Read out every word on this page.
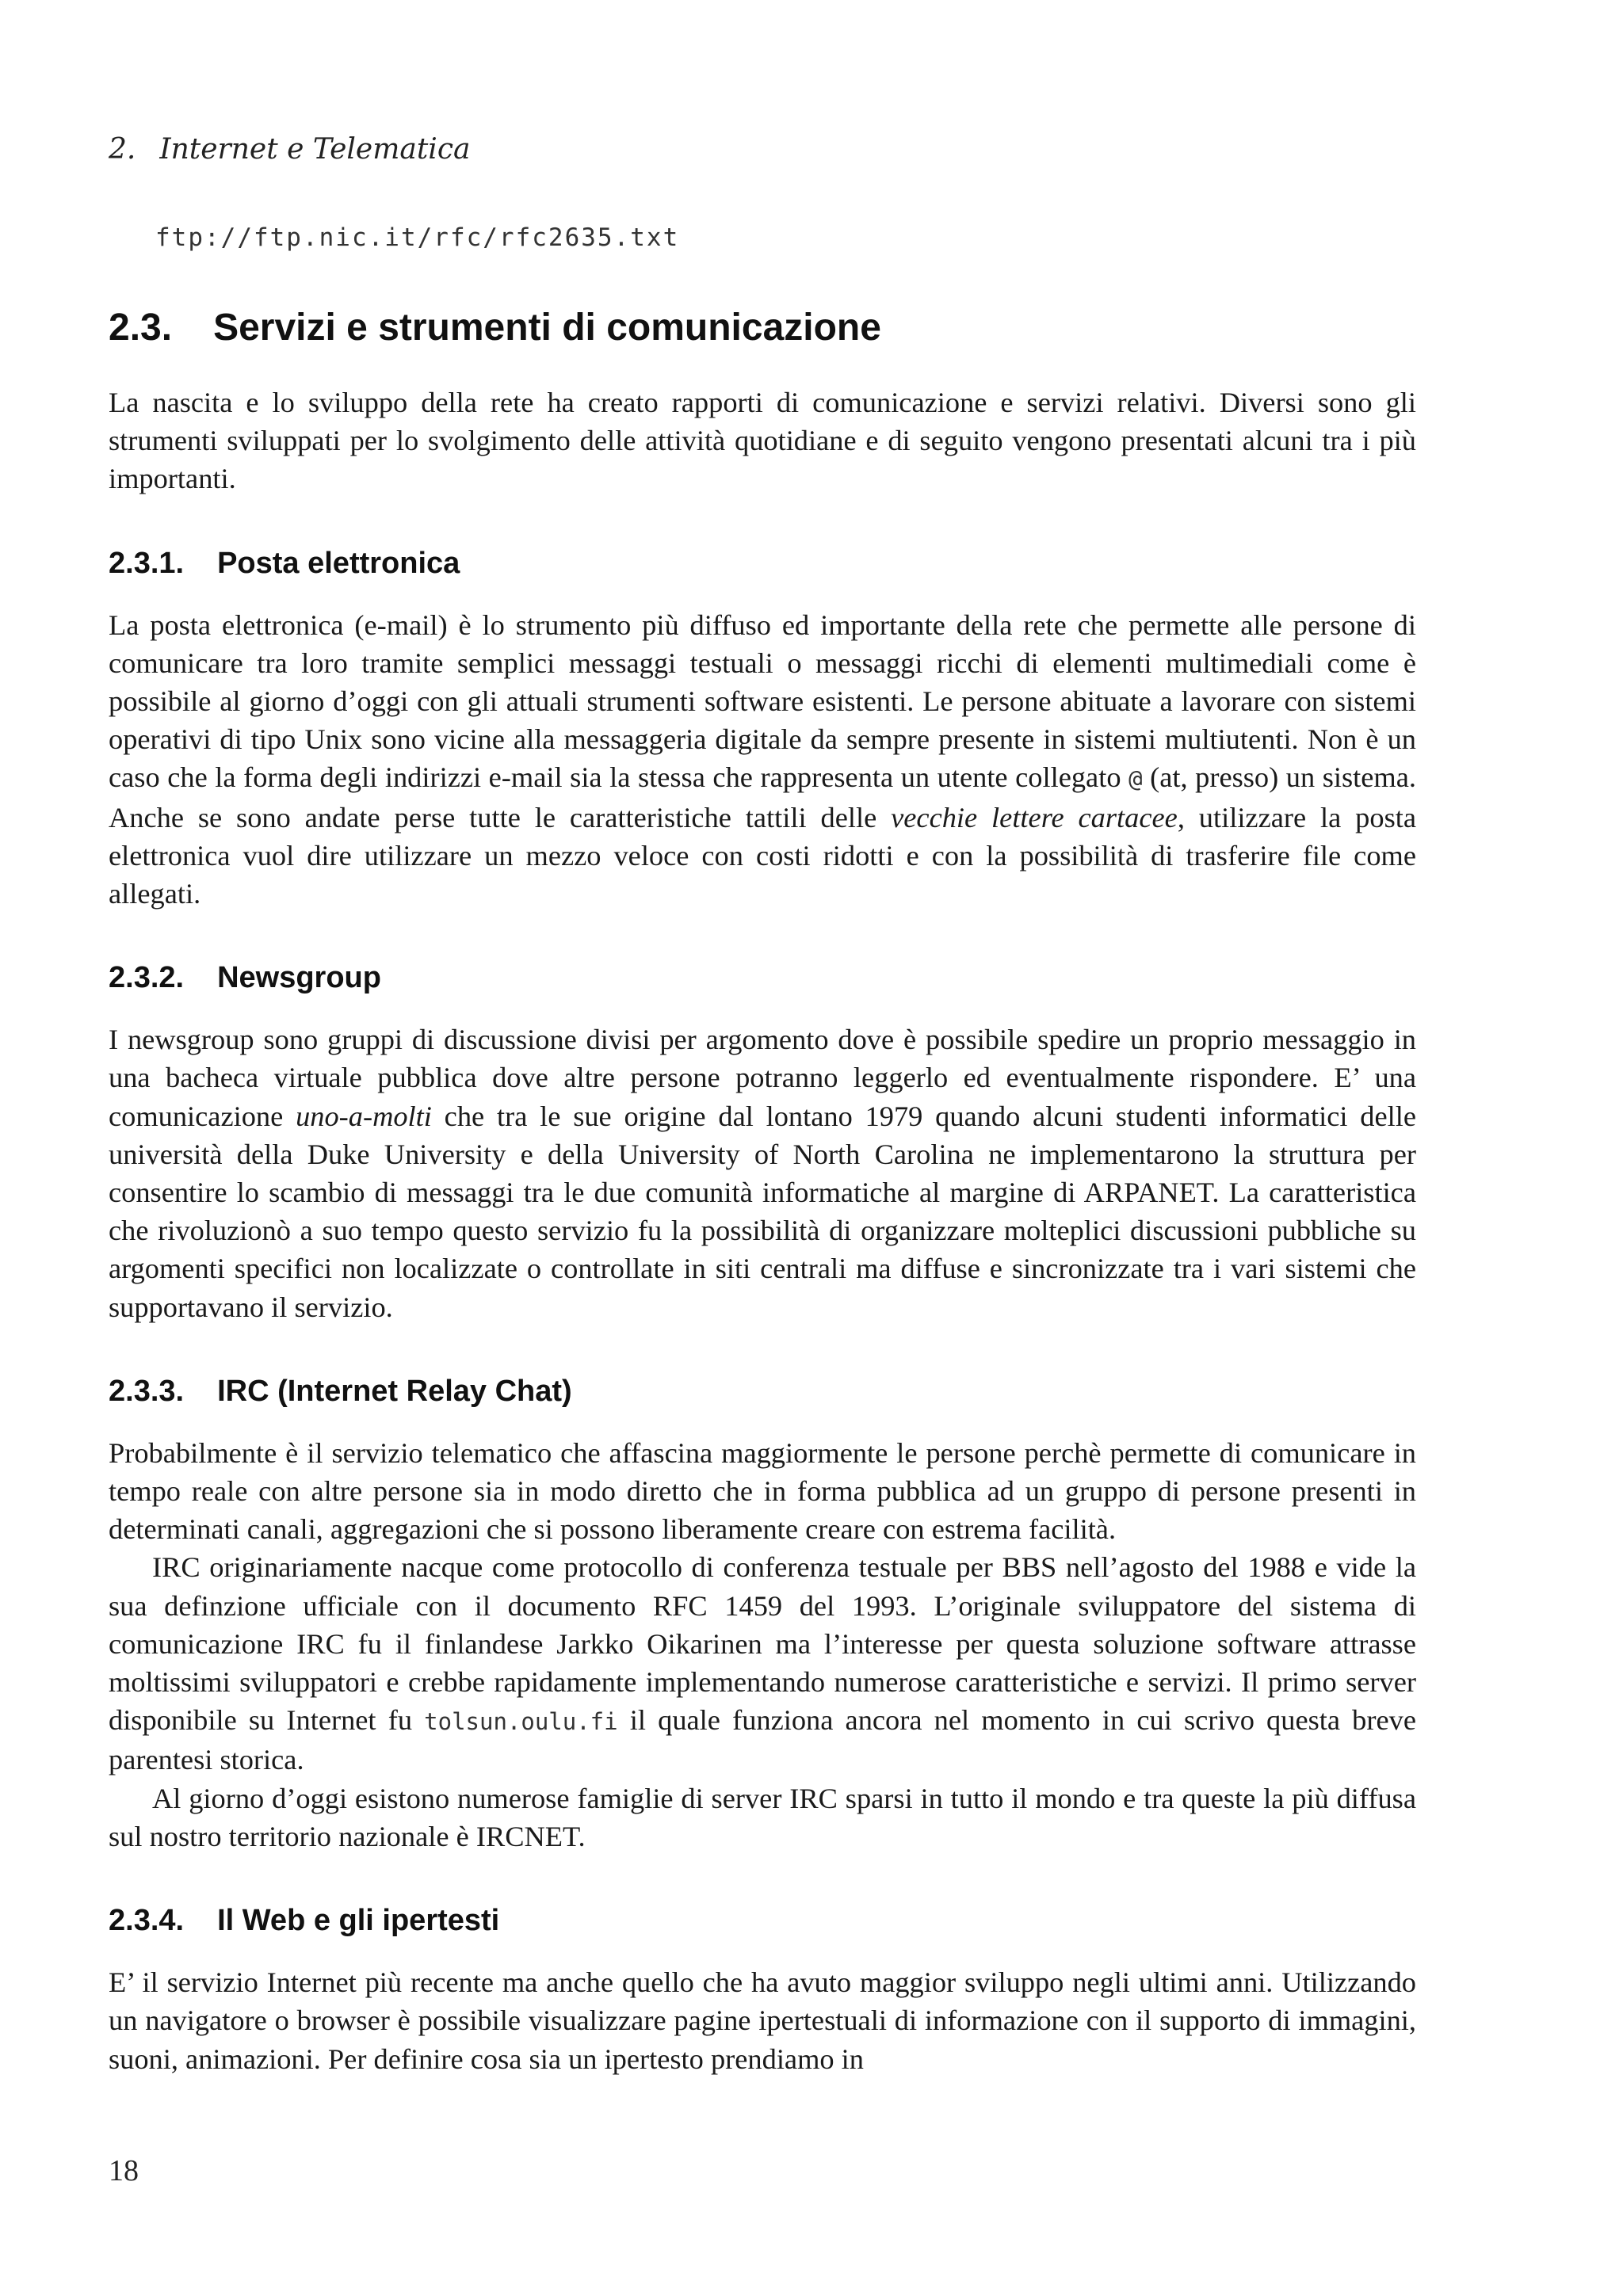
2. Internet e Telematica
ftp://ftp.nic.it/rfc/rfc2635.txt
2.3. Servizi e strumenti di comunicazione

La nascita e lo sviluppo della rete ha creato rapporti di comunicazione e servizi relativi. Diversi sono gli strumenti sviluppati per lo svolgimento delle attività quotidiane e di seguito vengono presentati alcuni tra i più importanti.

2.3.1. Posta elettronica

La posta elettronica (e-mail) è lo strumento più diffuso ed importante della rete che permette alle persone di comunicare tra loro tramite semplici messaggi testuali o messaggi ricchi di elementi multimediali come è possibile al giorno d’oggi con gli attuali strumenti software esistenti. Le persone abituate a lavorare con sistemi operativi di tipo Unix sono vicine alla messaggeria digitale da sempre presente in sistemi multiutenti. Non è un caso che la forma degli indirizzi e-mail sia la stessa che rappresenta un utente collegato @ (at, presso) un sistema. Anche se sono andate perse tutte le caratteristiche tattili delle vecchie lettere cartacee, utilizzare la posta elettronica vuol dire utilizzare un mezzo veloce con costi ridotti e con la possibilità di trasferire file come allegati.

2.3.2. Newsgroup

I newsgroup sono gruppi di discussione divisi per argomento dove è possibile spedire un proprio messaggio in una bacheca virtuale pubblica dove altre persone potranno leggerlo ed eventualmente rispondere. E’ una comunicazione uno-a-molti che tra le sue origine dal lontano 1979 quando alcuni studenti informatici delle università della Duke University e della University of North Carolina ne implementarono la struttura per consentire lo scambio di messaggi tra le due comunità informatiche al margine di ARPANET. La caratteristica che rivoluzionò a suo tempo questo servizio fu la possibilità di organizzare molteplici discussioni pubbliche su argomenti specifici non localizzate o controllate in siti centrali ma diffuse e sincronizzate tra i vari sistemi che supportavano il servizio.

2.3.3. IRC (Internet Relay Chat)

Probabilmente è il servizio telematico che affascina maggiormente le persone perchè permette di comunicare in tempo reale con altre persone sia in modo diretto che in forma pubblica ad un gruppo di persone presenti in determinati canali, aggregazioni che si possono liberamente creare con estrema facilità.

IRC originariamente nacque come protocollo di conferenza testuale per BBS nell’agosto del 1988 e vide la sua definzione ufficiale con il documento RFC 1459 del 1993. L’originale sviluppatore del sistema di comunicazione IRC fu il finlandese Jarkko Oikarinen ma l’interesse per questa soluzione software attrasse moltissimi sviluppatori e crebbe rapidamente implementando numerose caratteristiche e servizi. Il primo server disponibile su Internet fu tolsun.oulu.fi il quale funziona ancora nel momento in cui scrivo questa breve parentesi storica.

Al giorno d’oggi esistono numerose famiglie di server IRC sparsi in tutto il mondo e tra queste la più diffusa sul nostro territorio nazionale è IRCNET.

2.3.4. Il Web e gli ipertesti

E’ il servizio Internet più recente ma anche quello che ha avuto maggior sviluppo negli ultimi anni. Utilizzando un navigatore o browser è possibile visualizzare pagine ipertestuali di informazione con il supporto di immagini, suoni, animazioni. Per definire cosa sia un ipertesto prendiamo in

18
